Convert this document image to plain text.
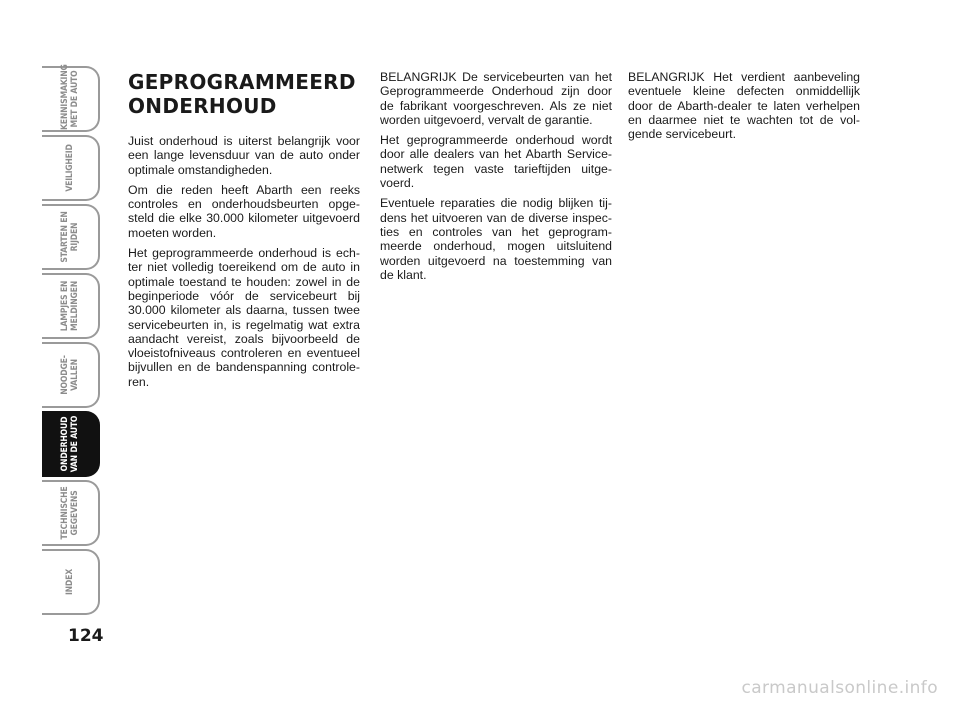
KENNISMAKING
MET DE AUTO
VEILIGHEID
STARTEN EN
RIJDEN
LAMPJES EN
MELDINGEN
NOODGE-
VALLEN
ONDERHOUD
VAN DE AUTO
TECHNISCHE
GEGEVENS
INDEX
124
GEPROGRAMMEERD
ONDERHOUD

Juist onderhoud is uiterst belangrijk voor een lange levensduur van de auto onder optimale omstandigheden.

Om die reden heeft Abarth een reeks controles en onderhoudsbeurten opgesteld die elke 30.000 kilometer uitgevoerd moeten worden.

Het geprogrammeerde onderhoud is echter niet volledig toereikend om de auto in optimale toestand te houden: zowel in de beginperiode vóór de servicebeurt bij 30.000 kilometer als daarna, tussen twee servicebeurten in, is regelmatig wat extra aandacht vereist, zoals bijvoorbeeld de vloeistofniveaus controleren en eventueel bijvullen en de bandenspanning controleren.

BELANGRIJK De servicebeurten van het Geprogrammeerde Onderhoud zijn door de fabrikant voorgeschreven. Als ze niet worden uitgevoerd, vervalt de garantie.

Het geprogrammeerde onderhoud wordt door alle dealers van het Abarth Service-netwerk tegen vaste tarieftijden uitgevoerd.

Eventuele reparaties die nodig blijken tijdens het uitvoeren van de diverse inspecties en controles van het geprogrammeerde onderhoud, mogen uitsluitend worden uitgevoerd na toestemming van de klant.

BELANGRIJK Het verdient aanbeveling eventuele kleine defecten onmiddellijk door de Abarth-dealer te laten verhelpen en daarmee niet te wachten tot de volgende servicebeurt.

carmanualsonline.info
